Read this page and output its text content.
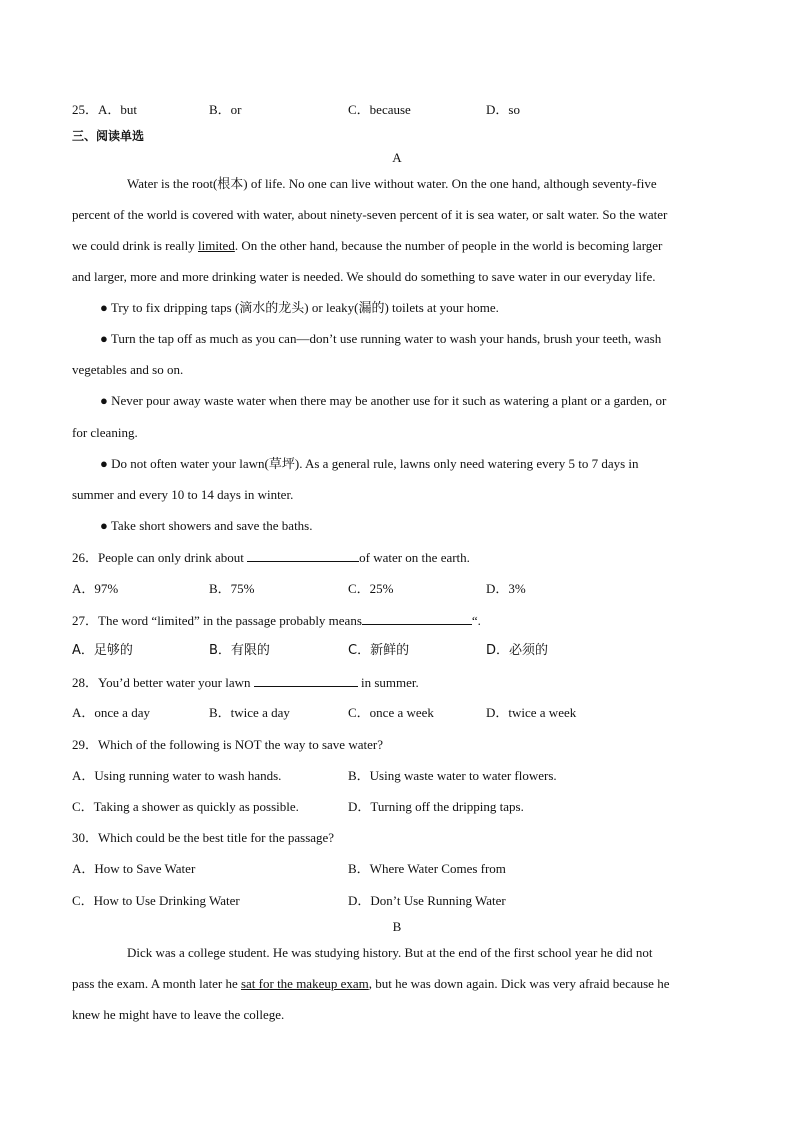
25．A．but	B．or	C．because	D．so
三、阅读单选
A
Water is the root(根本) of life. No one can live without water. On the one hand, although seventy-five
percent of the world is covered with water, about ninety-seven percent of it is sea water, or salt water. So the water
we could drink is really limited. On the other hand, because the number of people in the world is becoming larger
and larger, more and more drinking water is needed. We should do something to save water in our everyday life.
● Try to fix dripping taps (滴水的龙头) or leaky(漏的) toilets at your home.
● Turn the tap off as much as you can—don’t use running water to wash your hands, brush your teeth, wash
vegetables and so on.
● Never pour away waste water when there may be another use for it such as watering a plant or a garden, or
for cleaning.
● Do not often water your lawn(草坪). As a general rule, lawns only need watering every 5 to 7 days in
summer and every 10 to 14 days in winter.
● Take short showers and save the baths.
26．People can only drink about	of water on the earth.
A．97%	B．75%	C．25%	D．3%
27．The word “limited” in the passage probably means	“.
A．足够的	B．有限的	C．新鲜的	D．必须的
28．You’d better water your lawn	in summer.
A．once a day	B．twice a day	C．once a week	D．twice a week
29．Which of the following is NOT the way to save water?
A．Using running water to wash hands.	B．Using waste water to water flowers.
C．Taking a shower as quickly as possible.	D．Turning off the dripping taps.
30．Which could be the best title for the passage?
A．How to Save Water	B．Where Water Comes from
C．How to Use Drinking Water	D．Don’t Use Running Water
B
Dick was a college student. He was studying history. But at the end of the first school year he did not
pass the exam. A month later he sat for the makeup exam, but he was down again. Dick was very afraid because he
knew he might have to leave the college.
